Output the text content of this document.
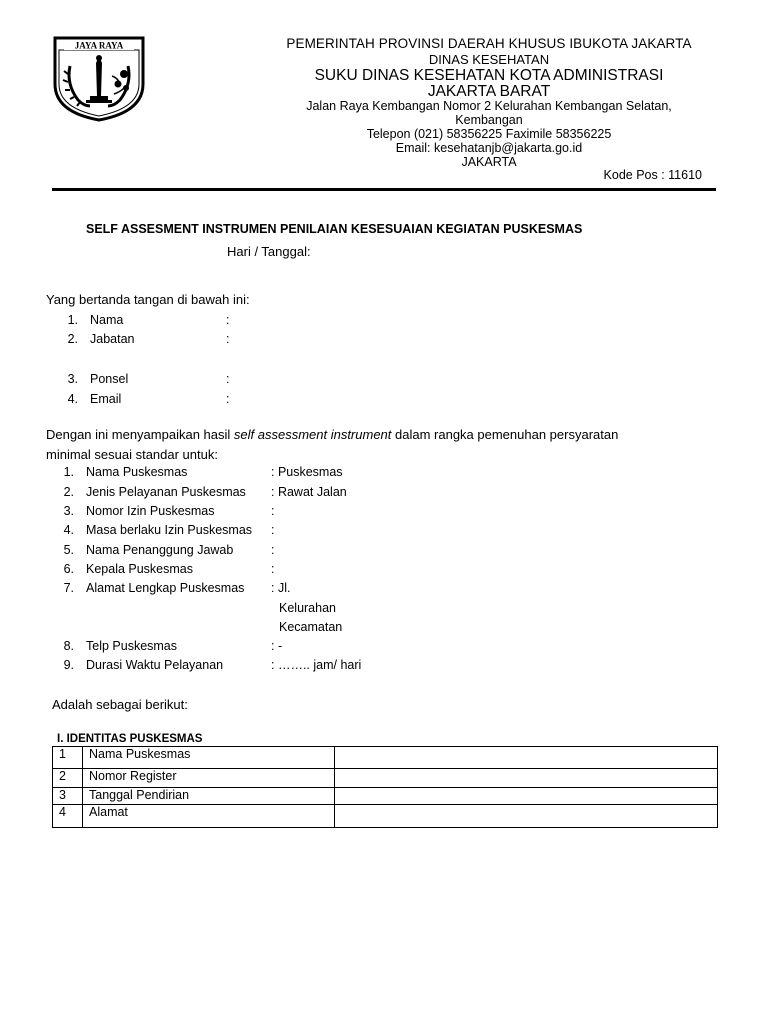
JAYA RAYA	PEMERINTAH PROVINSI DAERAH KHUSUS IBUKOTA JAKARTA
DINAS KESEHATAN
SUKU DINAS KESEHATAN KOTA ADMINISTRASI
JAKARTA BARAT
Jalan Raya Kembangan Nomor 2 Kelurahan Kembangan Selatan,
Kembangan
Telepon (021) 58356225 Faximile 58356225
Email: kesehatanjb@jakarta.go.id
JAKARTA
Kode Pos : 11610
SELF ASSESMENT INSTRUMEN PENILAIAN KESESUAIAN KEGIATAN PUSKESMAS
Hari / Tanggal:
Yang bertanda tangan di bawah ini:
1. Nama	:
2. Jabatan	:
3. Ponsel	:
4. Email	:
Dengan ini menyampaikan hasil self assessment instrument dalam rangka pemenuhan persyaratan
minimal sesuai standar untuk:
1. Nama Puskesmas	: Puskesmas
2. Jenis Pelayanan Puskesmas : Rawat Jalan
3. Nomor Izin Puskesmas	:
4. Masa berlaku Izin Puskesmas :
5. Nama Penanggung Jawab	:
6. Kepala Puskesmas	:
7. Alamat Lengkap Puskesmas : Jl.
Kelurahan
Kecamatan
8. Telp Puskesmas	: -
9. Durasi Waktu Pelayanan	: …….. jam/ hari
Adalah sebagai berikut:
I. IDENTITAS PUSKESMAS
1	Nama Puskesmas	
2	Nomor Register	
3	Tanggal Pendirian	
4	Alamat	
